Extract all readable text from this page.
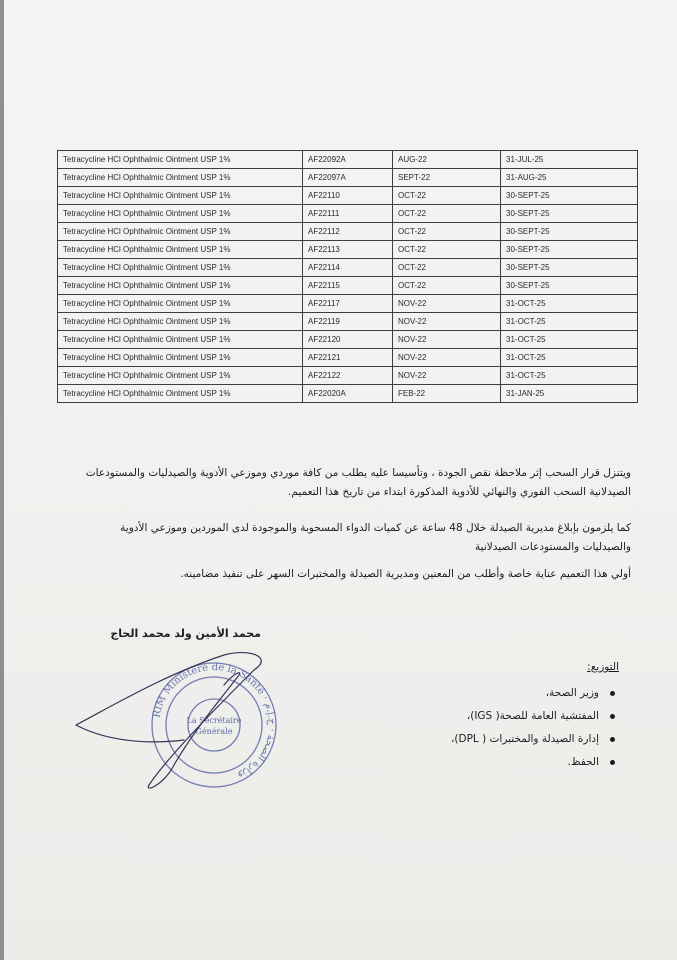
Tetracycline HCl Ophthalmic Ointment USP 1%	AF22092A	AUG-22	31-JUL-25
Tetracycline HCl Ophthalmic Ointment USP 1%	AF22097A	SEPT-22	31-AUG-25
Tetracycline HCl Ophthalmic Ointment USP 1%	AF22110	OCT-22	30-SEPT-25
Tetracycline HCl Ophthalmic Ointment USP 1%	AF22111	OCT-22	30-SEPT-25
Tetracycline HCl Ophthalmic Ointment USP 1%	AF22112	OCT-22	30-SEPT-25
Tetracycline HCl Ophthalmic Ointment USP 1%	AF22113	OCT-22	30-SEPT-25
Tetracycline HCl Ophthalmic Ointment USP 1%	AF22114	OCT-22	30-SEPT-25
Tetracycline HCl Ophthalmic Ointment USP 1%	AF22115	OCT-22	30-SEPT-25
Tetracycline HCl Ophthalmic Ointment USP 1%	AF22117	NOV-22	31-OCT-25
Tetracycline HCl Ophthalmic Ointment USP 1%	AF22119	NOV-22	31-OCT-25
Tetracycline HCl Ophthalmic Ointment USP 1%	AF22120	NOV-22	31-OCT-25
Tetracycline HCl Ophthalmic Ointment USP 1%	AF22121	NOV-22	31-OCT-25
Tetracycline HCl Ophthalmic Ointment USP 1%	AF22122	NOV-22	31-OCT-25
Tetracycline HCl Ophthalmic Ointment USP 1%	AF22020A	FEB-22	31-JAN-25
ويتنزل قرار السحب إثر ملاحظة نقص الجودة ، وتأسيسا عليه يطلب من كافة موردي وموزعي الأدوية والصيدليات والمستودعات الصيدلانية السحب الفوري والنهائي للأدوية المذكورة ابتداء من تاريخ هذا التعميم.
كما يلزمون بإبلاغ مديرية الصيدلة خلال 48 ساعة عن كميات الدواء المسحوبة والموجودة لدى الموردين وموزعي الأدوية والصيدليات والمستودعات الصيدلانية
أولي هذا التعميم عناية خاصة وأطلب من المعنين ومديرية الصيدلة والمختبرات السهر على تنفيذ مضامينه.
محمد الأمين ولد محمد الحاج
RIM Ministère de la Santé · وزارة الصحة · ج.إ.م
La Secrétaire
Générale
التوزيع:
وزير الصحة،
المفتشية العامة للصحة( IGS)،
إدارة الصيدلة والمختبرات ( DPL)،
الحفظ.
